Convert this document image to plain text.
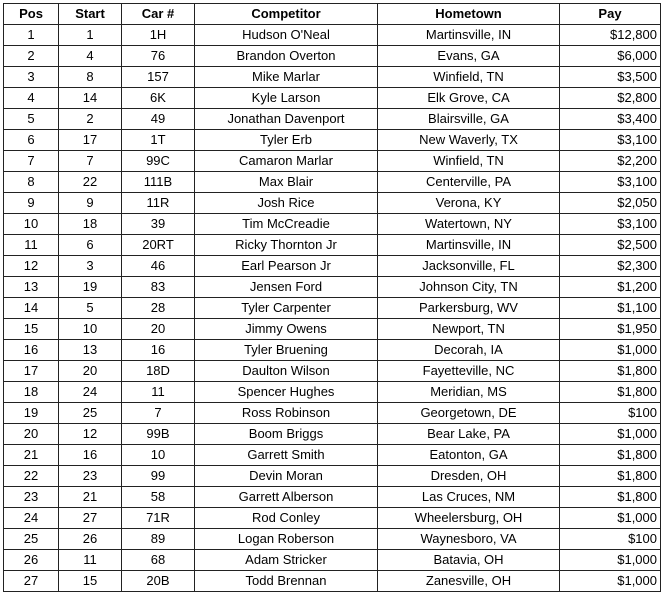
Pos	Start	Car #	Competitor	Hometown	Pay
1	1	1H	Hudson O'Neal	Martinsville, IN	$12,800
2	4	76	Brandon Overton	Evans, GA	$6,000
3	8	157	Mike Marlar	Winfield, TN	$3,500
4	14	6K	Kyle Larson	Elk Grove, CA	$2,800
5	2	49	Jonathan Davenport	Blairsville, GA	$3,400
6	17	1T	Tyler Erb	New Waverly, TX	$3,100
7	7	99C	Camaron Marlar	Winfield, TN	$2,200
8	22	111B	Max Blair	Centerville, PA	$3,100
9	9	11R	Josh Rice	Verona, KY	$2,050
10	18	39	Tim McCreadie	Watertown, NY	$3,100
11	6	20RT	Ricky Thornton Jr	Martinsville, IN	$2,500
12	3	46	Earl Pearson Jr	Jacksonville, FL	$2,300
13	19	83	Jensen Ford	Johnson City, TN	$1,200
14	5	28	Tyler Carpenter	Parkersburg, WV	$1,100
15	10	20	Jimmy Owens	Newport, TN	$1,950
16	13	16	Tyler Bruening	Decorah, IA	$1,000
17	20	18D	Daulton Wilson	Fayetteville, NC	$1,800
18	24	11	Spencer Hughes	Meridian, MS	$1,800
19	25	7	Ross Robinson	Georgetown, DE	$100
20	12	99B	Boom Briggs	Bear Lake, PA	$1,000
21	16	10	Garrett Smith	Eatonton, GA	$1,800
22	23	99	Devin Moran	Dresden, OH	$1,800
23	21	58	Garrett Alberson	Las Cruces, NM	$1,800
24	27	71R	Rod Conley	Wheelersburg, OH	$1,000
25	26	89	Logan Roberson	Waynesboro, VA	$100
26	11	68	Adam Stricker	Batavia, OH	$1,000
27	15	20B	Todd Brennan	Zanesville, OH	$1,000
